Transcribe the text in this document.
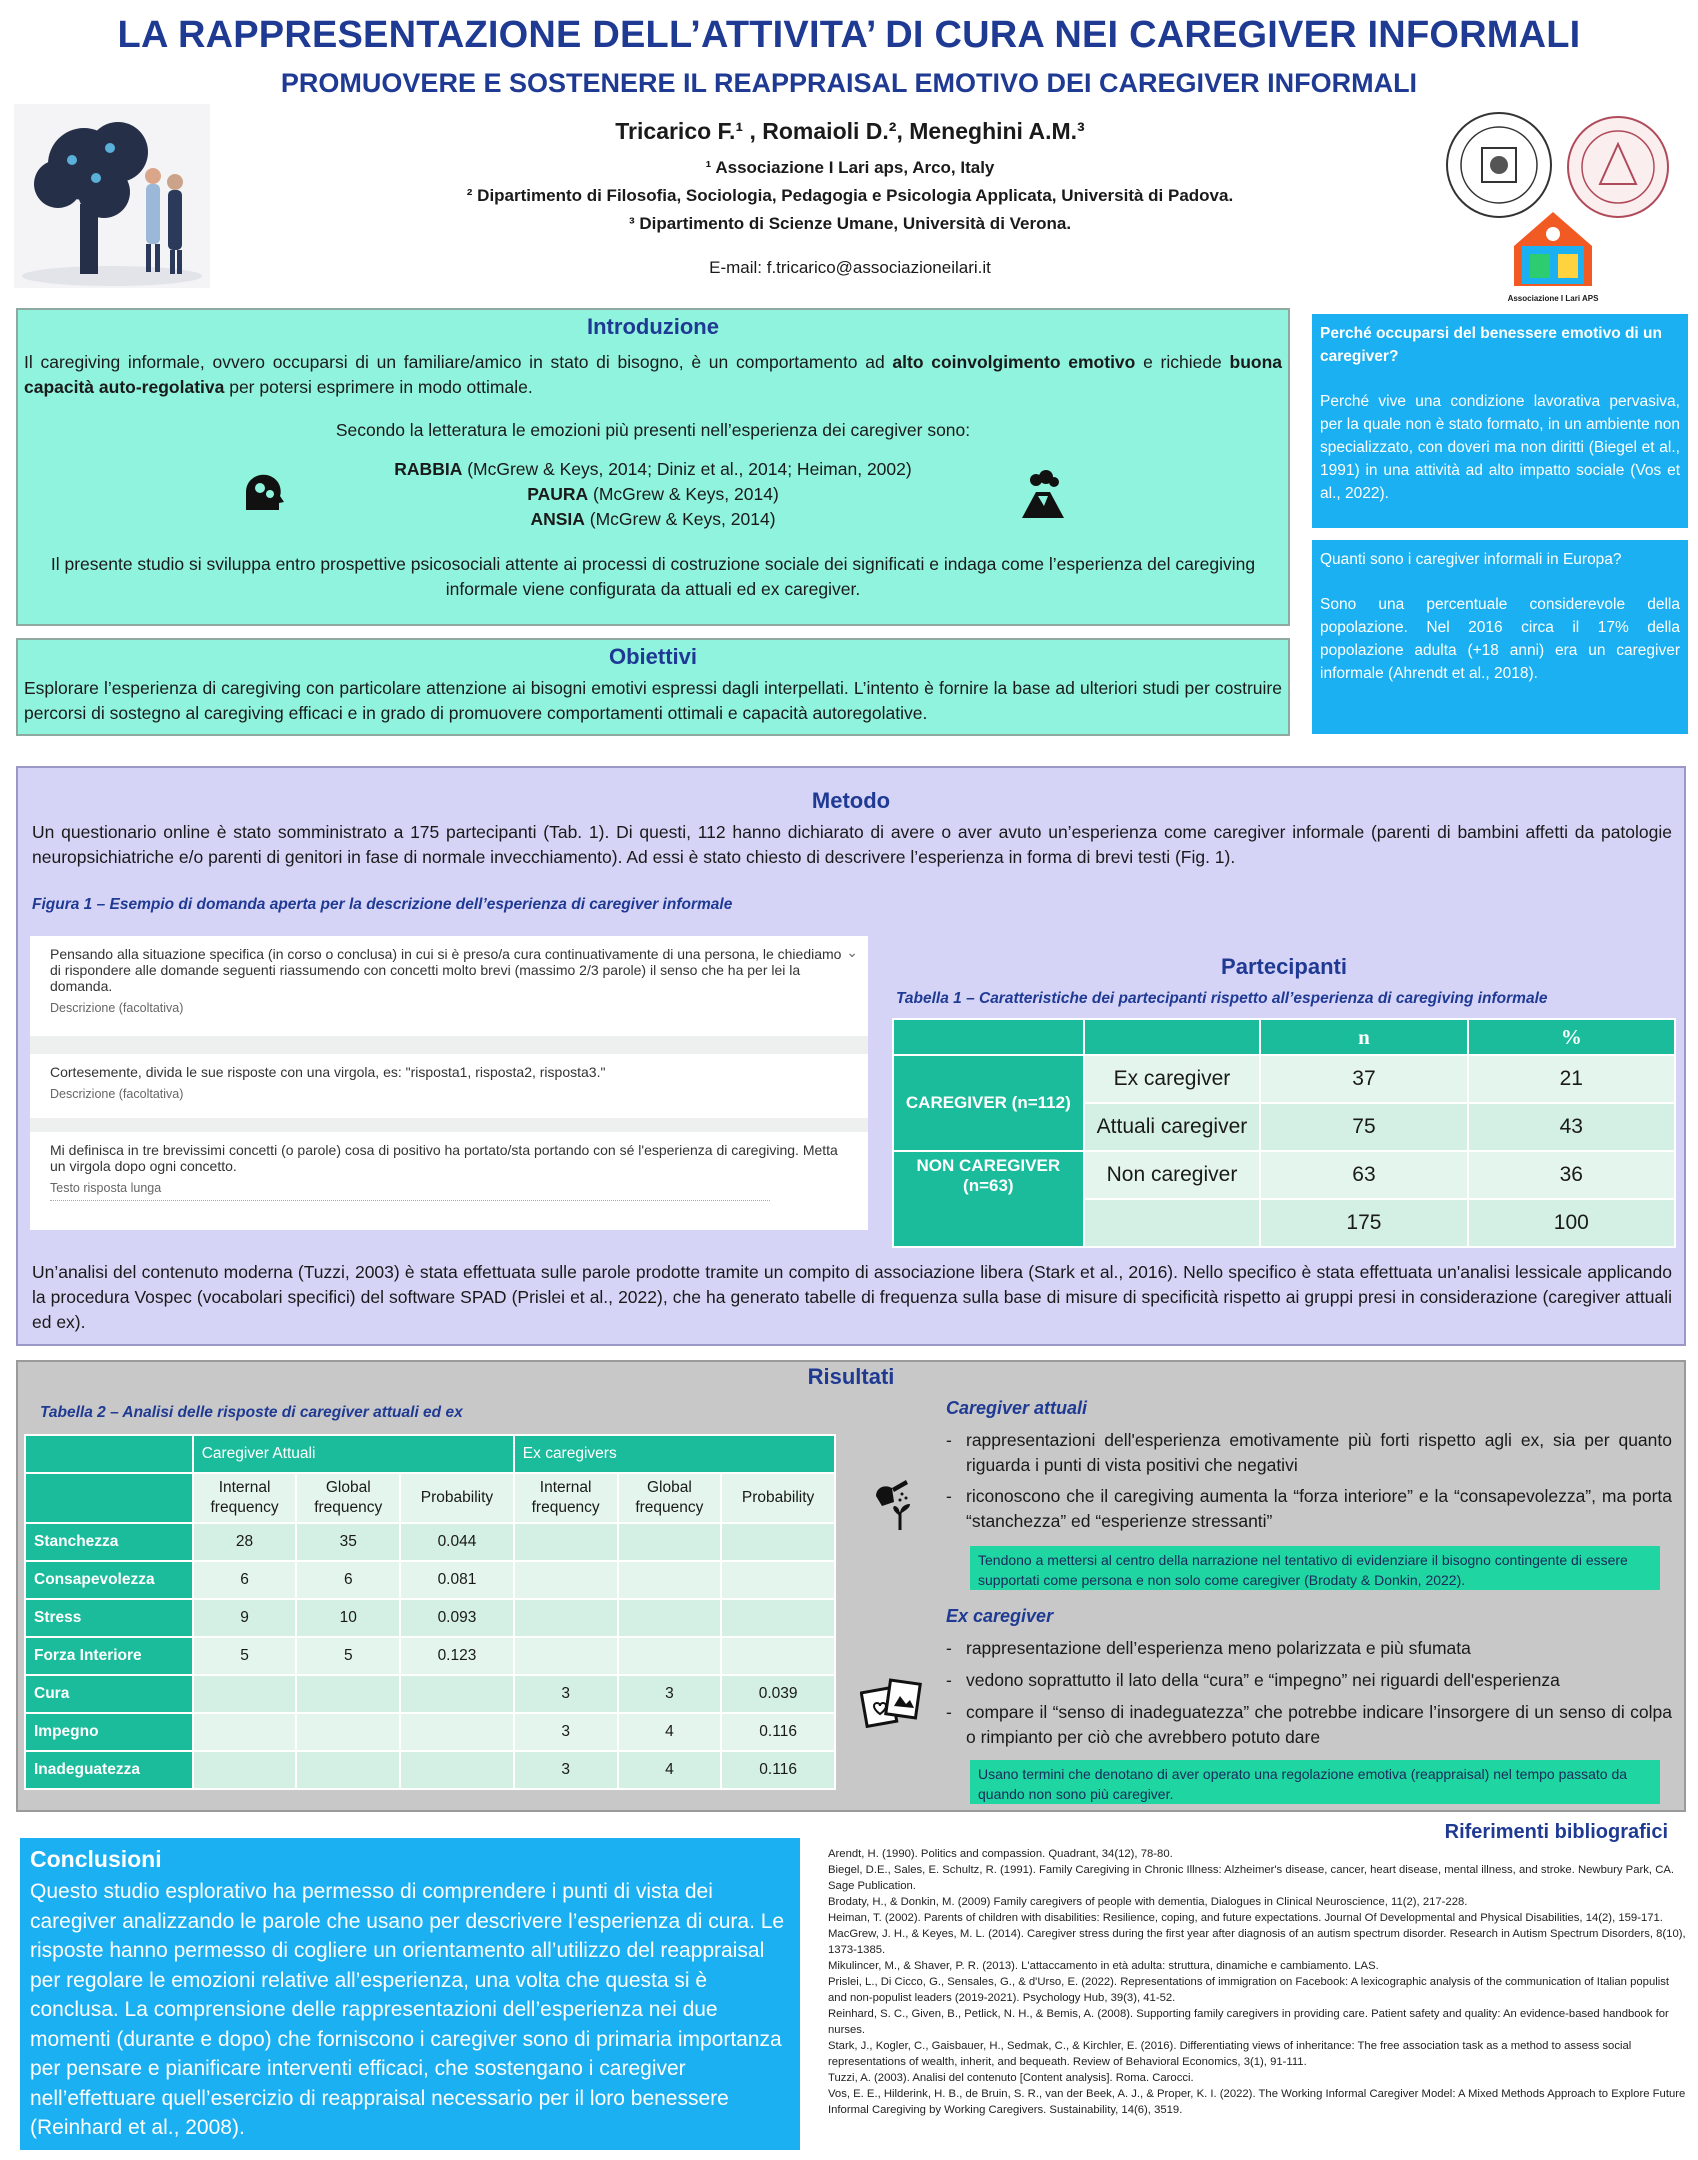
LA RAPPRESENTAZIONE DELL’ATTIVITA’ DI CURA NEI CAREGIVER INFORMALI
PROMUOVERE E SOSTENERE IL REAPPRAISAL EMOTIVO DEI CAREGIVER INFORMALI
Tricarico F.¹ , Romaioli D.², Meneghini A.M.³
¹ Associazione I Lari aps, Arco, Italy
² Dipartimento di Filosofia, Sociologia, Pedagogia e Psicologia Applicata, Università di Padova.
³ Dipartimento di Scienze Umane, Università di Verona.
E-mail: f.tricarico@associazioneilari.it
Associazione I Lari APS
Introduzione

Il caregiving informale, ovvero occuparsi di un familiare/amico in stato di bisogno, è un comportamento ad alto coinvolgimento emotivo e richiede buona capacità auto-regolativa per potersi esprimere in modo ottimale.

Secondo la letteratura le emozioni più presenti nell’esperienza dei caregiver sono:

RABBIA (McGrew & Keys, 2014; Diniz et al., 2014; Heiman, 2002)

PAURA (McGrew & Keys, 2014)

ANSIA (McGrew & Keys, 2014)

Il presente studio si sviluppa entro prospettive psicosociali attente ai processi di costruzione sociale dei significati e indaga come l’esperienza del caregiving informale viene configurata da attuali ed ex caregiver.

Obiettivi

Esplorare l’esperienza di caregiving con particolare attenzione ai bisogni emotivi espressi dagli interpellati. L’intento è fornire la base ad ulteriori studi per costruire percorsi di sostegno al caregiving efficaci e in grado di promuovere comportamenti ottimali e capacità autoregolative.

Perché occuparsi del benessere emotivo di un caregiver?

Perché vive una condizione lavorativa pervasiva, per la quale non è stato formato, in un ambiente non specializzato, con doveri ma non diritti (Biegel et al., 1991) in una attività ad alto impatto sociale (Vos et al., 2022).

Quanti sono i caregiver informali in Europa?

Sono una percentuale considerevole della popolazione. Nel 2016 circa il 17% della popolazione adulta (+18 anni) era un caregiver informale (Ahrendt et al., 2018).

Metodo

Un questionario online è stato somministrato a 175 partecipanti (Tab. 1). Di questi, 112 hanno dichiarato di avere o aver avuto un’esperienza come caregiver informale (parenti di bambini affetti da patologie neuropsichiatriche e/o parenti di genitori in fase di normale invecchiamento). Ad essi è stato chiesto di descrivere l’esperienza in forma di brevi testi (Fig. 1).

Figura 1 – Esempio di domanda aperta per la descrizione dell’esperienza di caregiver informale

Pensando alla situazione specifica (in corso o conclusa) in cui si è preso/a cura continuativamente di una persona, le chiediamo di rispondere alle domande seguenti riassumendo con concetti molto brevi (massimo 2/3 parole) il senso che ha per lei la domanda.
Descrizione (facoltativa)
⌄
Cortesemente, divida le sue risposte con una virgola, es: "risposta1, risposta2, risposta3."
Descrizione (facoltativa)
Mi definisca in tre brevissimi concetti (o parole) cosa di positivo ha portato/sta portando con sé l'esperienza di caregiving. Metta un virgola dopo ogni concetto.
Testo risposta lunga
Partecipanti

Tabella 1 – Caratteristiche dei partecipanti rispetto all’esperienza di caregiving informale

		n	%
CAREGIVER (n=112)	Ex caregiver	37	21
	Attuali caregiver	75	43
NON CAREGIVER (n=63)	Non caregiver	63	36
		175	100

Un’analisi del contenuto moderna (Tuzzi, 2003) è stata effettuata sulle parole prodotte tramite un compito di associazione libera (Stark et al., 2016). Nello specifico è stata effettuata un'analisi lessicale applicando la procedura Vospec (vocabolari specifici) del software SPAD (Prislei et al., 2022), che ha generato tabelle di frequenza sulla base di misure di specificità rispetto ai gruppi presi in considerazione (caregiver attuali ed ex).

Risultati

Tabella 2 – Analisi delle risposte di caregiver attuali ed ex

	Caregiver Attuali			Ex caregivers		
	Internal frequency	Global frequency	Probability	Internal frequency	Global frequency	Probability
Stanchezza	28	35	0.044			
Consapevolezza	6	6	0.081			
Stress	9	10	0.093			
Forza Interiore	5	5	0.123			
Cura				3	3	0.039
Impegno				3	4	0.116
Inadeguatezza				3	4	0.116

Caregiver attuali

- rappresentazioni dell'esperienza emotivamente più forti rispetto agli ex, sia per quanto riguarda i punti di vista positivi che negativi
- riconoscono che il caregiving aumenta la “forza interiore” e la “consapevolezza”, ma porta “stanchezza” ed “esperienze stressanti”
Tendono a mettersi al centro della narrazione nel tentativo di evidenziare il bisogno contingente di essere supportati come persona e non solo come caregiver (Brodaty & Donkin, 2022).

Ex caregiver

- rappresentazione dell’esperienza meno polarizzata e più sfumata
- vedono soprattutto il lato della “cura” e “impegno” nei riguardi dell'esperienza
- compare il “senso di inadeguatezza” che potrebbe indicare l’insorgere di un senso di colpa o rimpianto per ciò che avrebbero potuto dare
Usano termini che denotano di aver operato una regolazione emotiva (reappraisal) nel tempo passato da quando non sono più caregiver.

Conclusioni

Questo studio esplorativo ha permesso di comprendere i punti di vista dei caregiver analizzando le parole che usano per descrivere l’esperienza di cura. Le risposte hanno permesso di cogliere un orientamento all’utilizzo del reappraisal per regolare le emozioni relative all’esperienza, una volta che questa si è conclusa. La comprensione delle rappresentazioni dell’esperienza nei due momenti (durante e dopo) che forniscono i caregiver sono di primaria importanza per pensare e pianificare interventi efficaci, che sostengano i caregiver nell’effettuare quell’esercizio di reappraisal necessario per il loro benessere (Reinhard et al., 2008).

Riferimenti bibliografici

Arendt, H. (1990). Politics and compassion. Quadrant, 34(12), 78-80.

Biegel, D.E., Sales, E. Schultz, R. (1991). Family Caregiving in Chronic Illness: Alzheimer's disease, cancer, heart disease, mental illness, and stroke. Newbury Park, CA. Sage Publication.

Brodaty, H., & Donkin, M. (2009) Family caregivers of people with dementia, Dialogues in Clinical Neuroscience, 11(2), 217-228.

Heiman, T. (2002). Parents of children with disabilities: Resilience, coping, and future expectations. Journal Of Developmental and Physical Disabilities, 14(2), 159-171.

MacGrew, J. H., & Keyes, M. L. (2014). Caregiver stress during the first year after diagnosis of an autism spectrum disorder. Research in Autism Spectrum Disorders, 8(10), 1373-1385.

Mikulincer, M., & Shaver, P. R. (2013). L'attaccamento in età adulta: struttura, dinamiche e cambiamento. LAS.

Prislei, L., Di Cicco, G., Sensales, G., & d'Urso, E. (2022). Representations of immigration on Facebook: A lexicographic analysis of the communication of Italian populist and non-populist leaders (2019-2021). Psychology Hub, 39(3), 41-52.

Reinhard, S. C., Given, B., Petlick, N. H., & Bemis, A. (2008). Supporting family caregivers in providing care. Patient safety and quality: An evidence-based handbook for nurses.

Stark, J., Kogler, C., Gaisbauer, H., Sedmak, C., & Kirchler, E. (2016). Differentiating views of inheritance: The free association task as a method to assess social representations of wealth, inherit, and bequeath. Review of Behavioral Economics, 3(1), 91-111.

Tuzzi, A. (2003). Analisi del contenuto [Content analysis]. Roma. Carocci.

Vos, E. E., Hilderink, H. B., de Bruin, S. R., van der Beek, A. J., & Proper, K. I. (2022). The Working Informal Caregiver Model: A Mixed Methods Approach to Explore Future Informal Caregiving by Working Caregivers. Sustainability, 14(6), 3519.
